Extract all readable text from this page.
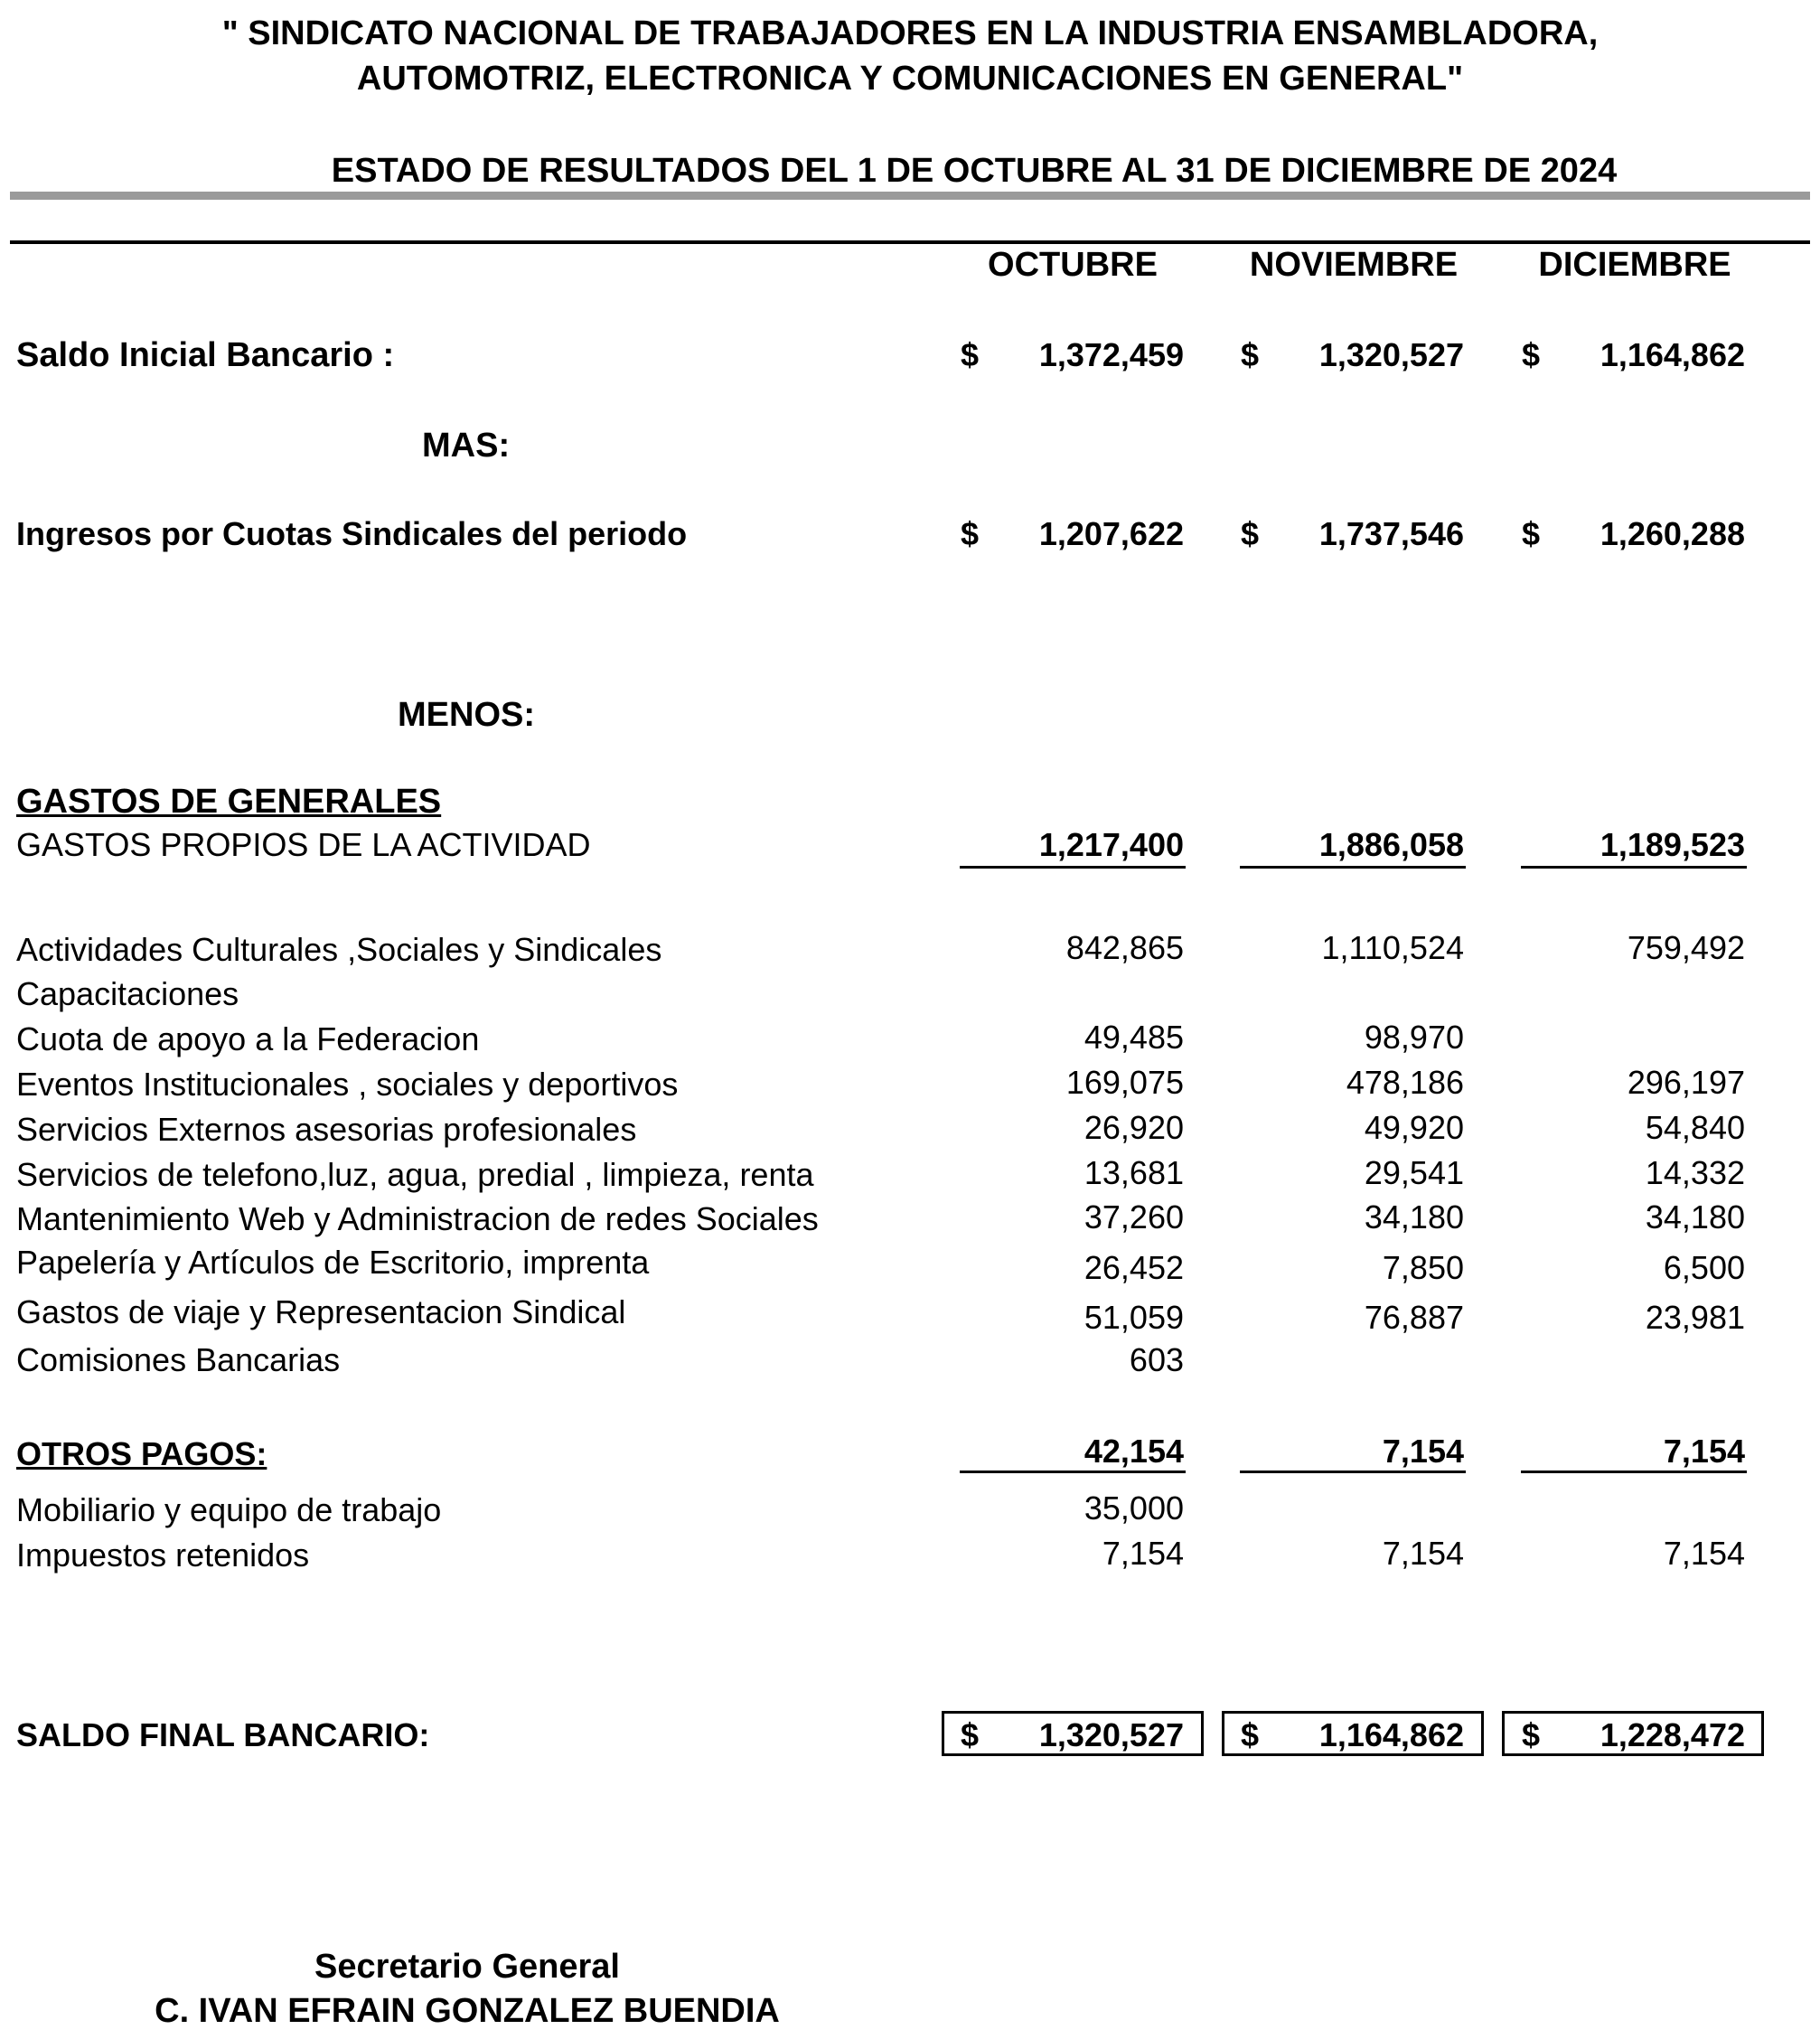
" SINDICATO NACIONAL DE TRABAJADORES EN LA INDUSTRIA ENSAMBLADORA,
AUTOMOTRIZ, ELECTRONICA Y COMUNICACIONES EN GENERAL"
ESTADO DE RESULTADOS DEL 1 DE OCTUBRE AL 31 DE DICIEMBRE DE 2024
OCTUBRE	NOVIEMBRE	DICIEMBRE
Saldo Inicial Bancario :	$	1,372,459 $	1,320,527 $	1,164,862
MAS:
Ingresos por Cuotas Sindicales del periodo	$	1,207,622 $	1,737,546 $	1,260,288
MENOS:
GASTOS DE GENERALES
GASTOS PROPIOS DE LA ACTIVIDAD	1,217,400	1,886,058	1,189,523
Actividades Culturales ,Sociales y Sindicales	842,865	1,110,524	759,492
Capacitaciones
Cuota de apoyo a la Federacion	49,485	98,970
Eventos Institucionales , sociales y deportivos	169,075	478,186	296,197
Servicios Externos asesorias profesionales	26,920	49,920	54,840
Servicios de telefono,luz, agua, predial , limpieza, renta	13,681	29,541	14,332
Mantenimiento Web y Administracion de redes Sociales	37,260	34,180	34,180
Papelería y Artículos de Escritorio, imprenta	26,452	7,850	6,500
Gastos de viaje y Representacion Sindical	51,059	76,887	23,981
Comisiones Bancarias	603
OTROS PAGOS:	42,154	7,154	7,154
Mobiliario y equipo de trabajo	35,000
Impuestos retenidos	7,154	7,154	7,154
SALDO FINAL BANCARIO:	$	1,320,527 $	1,164,862 $	1,228,472
Secretario General
C. IVAN EFRAIN GONZALEZ BUENDIA
